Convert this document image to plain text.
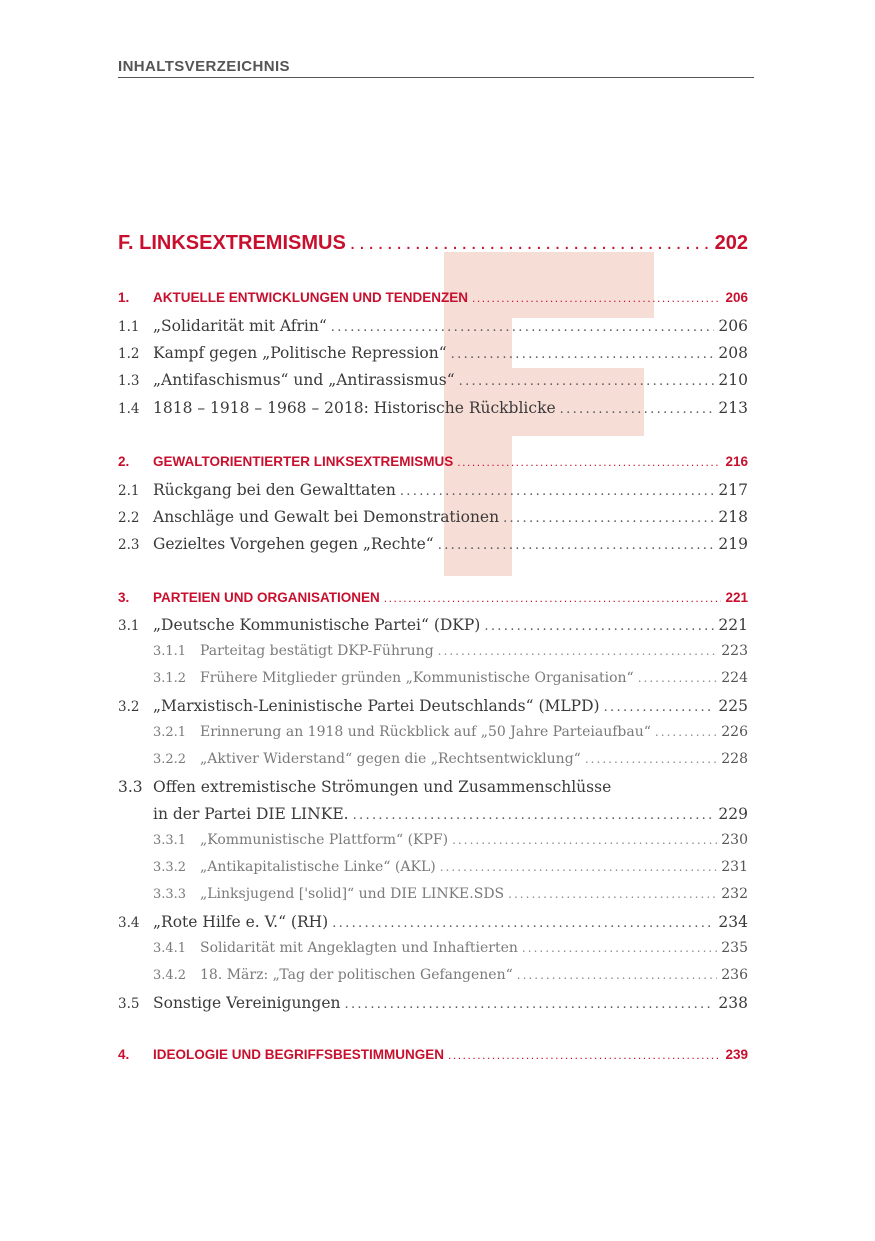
INHALTSVERZEICHNIS
F. LINKSEXTREMISMUS . . .	202
1.	AKTUELLE ENTWICKLUNGEN UND TENDENZEN . . .	206
1.1 „Solidarität mit Afrin“ . . .	206
1.2 Kampf gegen „Politische Repression“ . . .	208
1.3 „Antifaschismus“ und „Antirassismus“ . . .	210
1.4 1818 – 1918 – 1968 – 2018: Historische Rückblicke . . .	213
2.	GEWALTORIENTIERTER LINKSEXTREMISMUS . . .	216
2.1 Rückgang bei den Gewalttaten . . .	217
2.2 Anschläge und Gewalt bei Demonstrationen . . .	218
2.3 Gezieltes Vorgehen gegen „Rechte“ . . .	219
3.	PARTEIEN UND ORGANISATIONEN . . .	221
3.1 „Deutsche Kommunistische Partei“ (DKP) . . .	221
3.1.1 Parteitag bestätigt DKP-Führung . . .	223
3.1.2 Frühere Mitglieder gründen „Kommunistische Organisation“ . . .	224
3.2 „Marxistisch-Leninistische Partei Deutschlands“ (MLPD) . . .	225
3.2.1 Erinnerung an 1918 und Rückblick auf „50 Jahre Parteiaufbau“ . . .	226
3.2.2 „Aktiver Widerstand“ gegen die „Rechtsentwicklung“ . . .	228
3.3 Offen extremistische Strömungen und Zusammenschlüsse
in der Partei DIE LINKE. . . .	229
3.3.1 „Kommunistische Plattform“ (KPF) . . .	230
3.3.2 „Antikapitalistische Linke“ (AKL) . . .	231
3.3.3 „Linksjugend ['solid]“ und DIE LINKE.SDS . . .	232
3.4 „Rote Hilfe e. V.“ (RH) . . .	234
3.4.1 Solidarität mit Angeklagten und Inhaftierten . . .	235
3.4.2 18. März: „Tag der politischen Gefangenen“ . . .	236
3.5 Sonstige Vereinigungen . . .	238
4.	IDEOLOGIE UND BEGRIFFSBESTIMMUNGEN . . .	239
